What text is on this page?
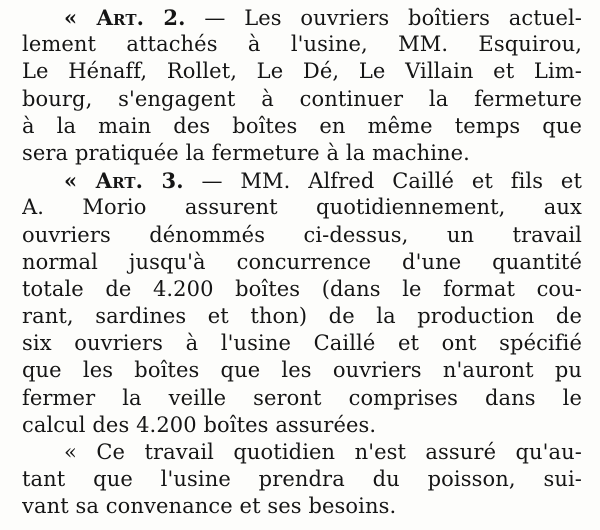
« Art. 2. — Les ouvriers boîtiers actuel-
lement attachés à l'usine, MM. Esquirou,
Le Hénaff, Rollet, Le Dé, Le Villain et Lim-
bourg, s'engagent à continuer la fermeture
à la main des boîtes en même temps que
sera pratiquée la fermeture à la machine.
« Art. 3. — MM. Alfred Caillé et fils et
A. Morio assurent quotidiennement, aux
ouvriers dénommés ci-dessus, un travail
normal jusqu'à concurrence d'une quantité
totale de 4.200 boîtes (dans le format cou-
rant, sardines et thon) de la production de
six ouvriers à l'usine Caillé et ont spécifié
que les boîtes que les ouvriers n'auront pu
fermer la veille seront comprises dans le
calcul des 4.200 boîtes assurées.
« Ce travail quotidien n'est assuré qu'au-
tant que l'usine prendra du poisson, sui-
vant sa convenance et ses besoins.
